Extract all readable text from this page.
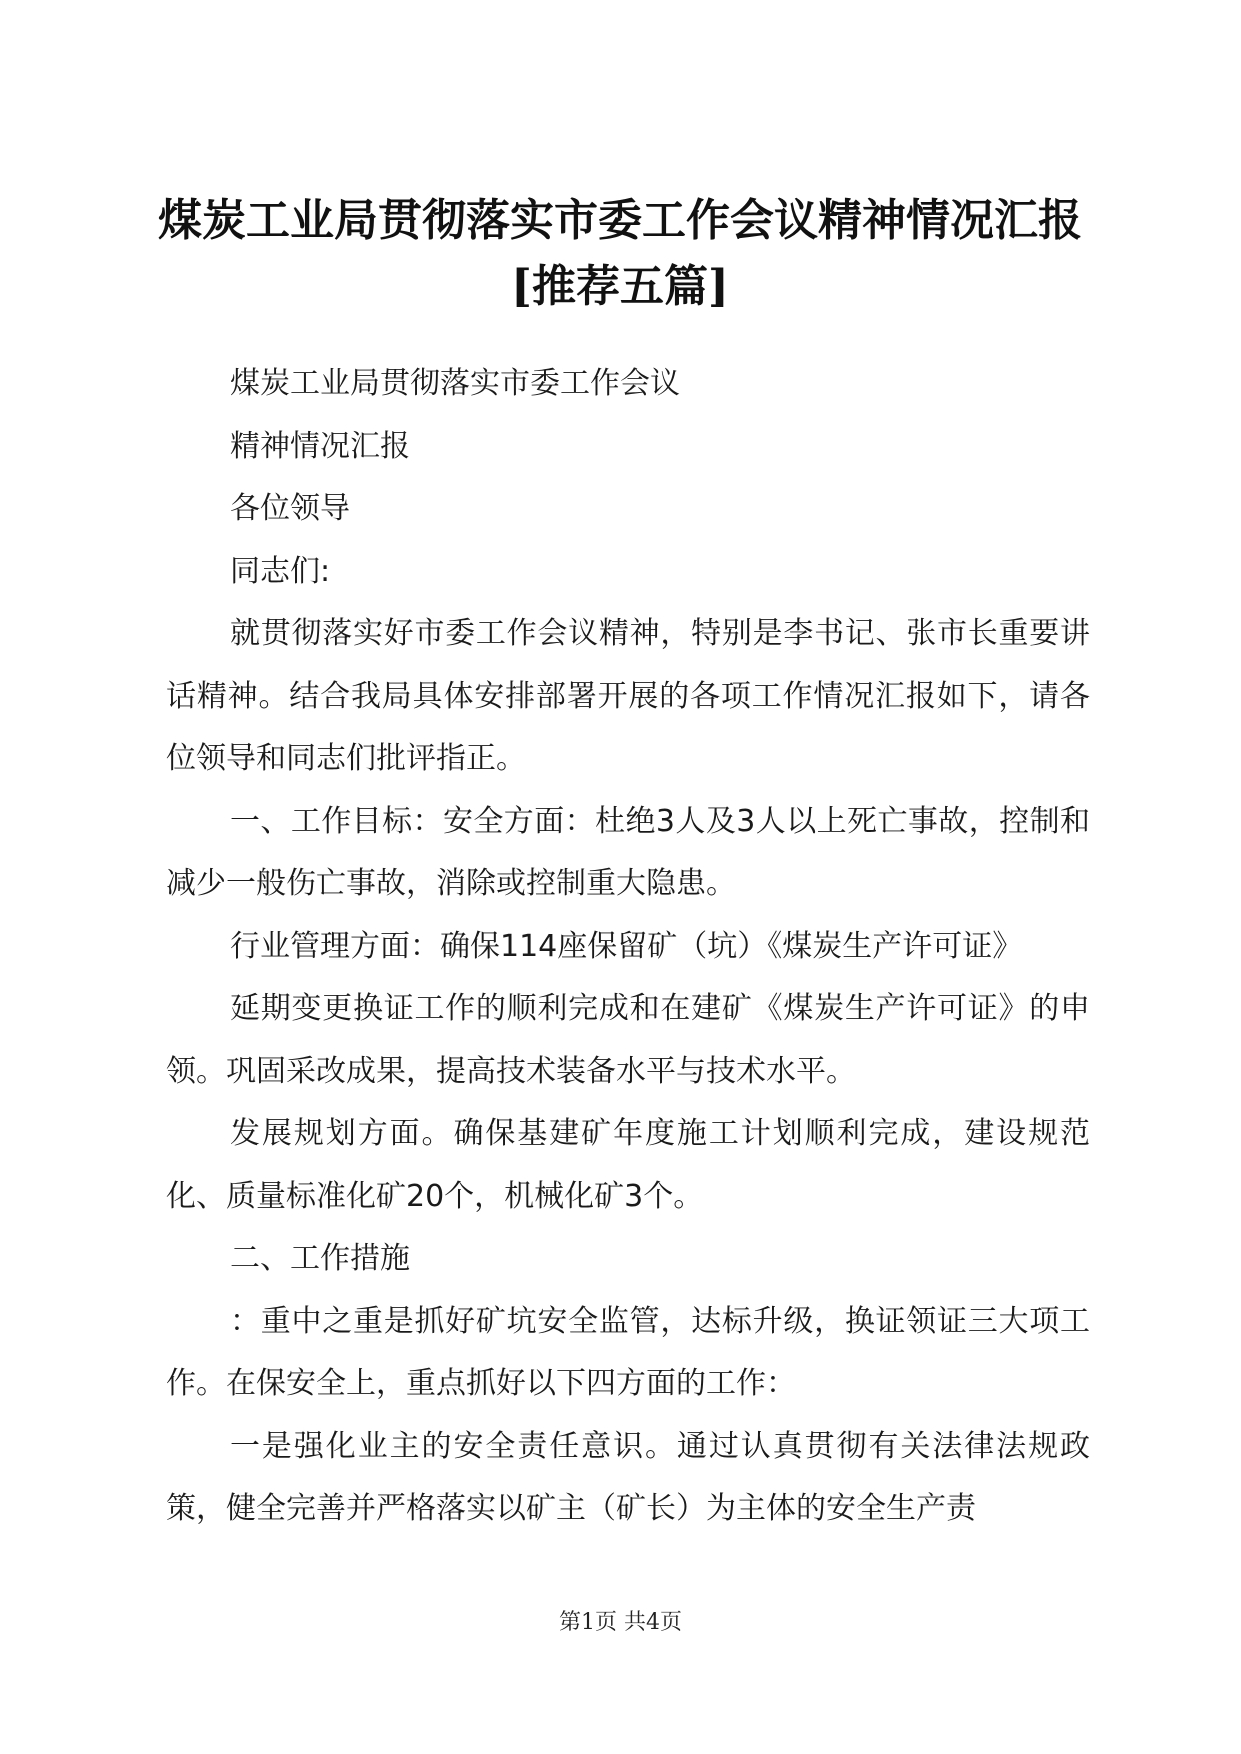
煤炭工业局贯彻落实市委工作会议精神情况汇报[推荐五篇]

煤炭工业局贯彻落实市委工作会议

精神情况汇报

各位领导

同志们:

就贯彻落实好市委工作会议精神，特别是李书记、张市长重要讲话精神。结合我局具体安排部署开展的各项工作情况汇报如下，请各位领导和同志们批评指正。

一、工作目标：安全方面：杜绝3人及3人以上死亡事故，控制和减少一般伤亡事故，消除或控制重大隐患。

行业管理方面：确保114座保留矿（坑）《煤炭生产许可证》

延期变更换证工作的顺利完成和在建矿《煤炭生产许可证》的申领。巩固采改成果，提高技术装备水平与技术水平。

发展规划方面。确保基建矿年度施工计划顺利完成，建设规范化、质量标准化矿20个，机械化矿3个。

二、工作措施

：重中之重是抓好矿坑安全监管，达标升级，换证领证三大项工作。在保安全上，重点抓好以下四方面的工作：

一是强化业主的安全责任意识。通过认真贯彻有关法律法规政策，健全完善并严格落实以矿主（矿长）为主体的安全生产责

第1页 共4页
